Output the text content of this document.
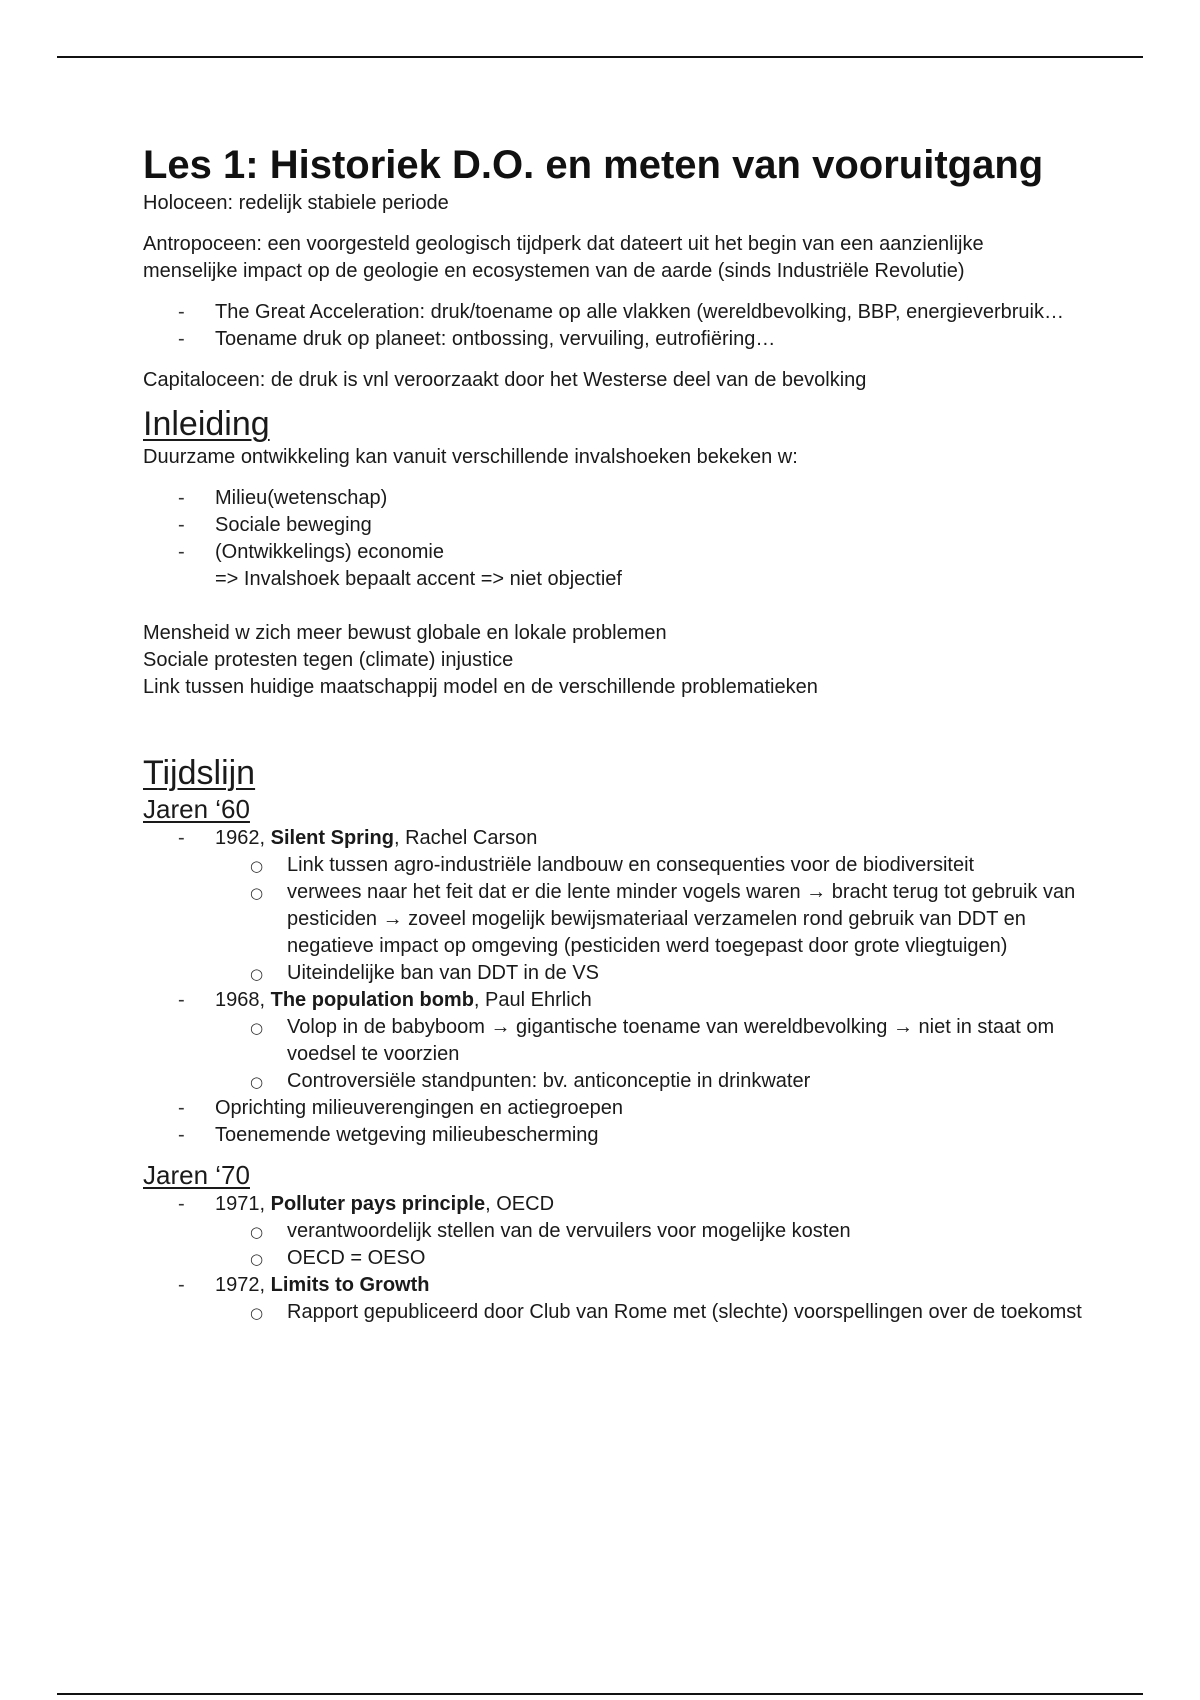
Les 1: Historiek D.O. en meten van vooruitgang

Holoceen: redelijk stabiele periode

Antropoceen: een voorgesteld geologisch tijdperk dat dateert uit het begin van een aanzienlijke menselijke impact op de geologie en ecosystemen van de aarde (sinds Industriële Revolutie)

- The Great Acceleration: druk/toename op alle vlakken (wereldbevolking, BBP, energieverbruik…
- Toename druk op planeet: ontbossing, vervuiling, eutrofiëring…

Capitaloceen: de druk is vnl veroorzaakt door het Westerse deel van de bevolking

Inleiding

Duurzame ontwikkeling kan vanuit verschillende invalshoeken bekeken w:

- Milieu(wetenschap)
- Sociale beweging
- (Ontwikkelings) economie
=> Invalshoek bepaalt accent => niet objectief

Mensheid w zich meer bewust globale en lokale problemen

Sociale protesten tegen (climate) injustice

Link tussen huidige maatschappij model en de verschillende problematieken

Tijdslijn
Jaren ‘60
- 1962, Silent Spring, Rachel Carson
○ Link tussen agro-industriële landbouw en consequenties voor de biodiversiteit
○ verwees naar het feit dat er die lente minder vogels waren → bracht terug tot gebruik van pesticiden → zoveel mogelijk bewijsmateriaal verzamelen rond gebruik van DDT en negatieve impact op omgeving (pesticiden werd toegepast door grote vliegtuigen)
○ Uiteindelijke ban van DDT in de VS
- 1968, The population bomb, Paul Ehrlich
○ Volop in de babyboom → gigantische toename van wereldbevolking → niet in staat om voedsel te voorzien
○ Controversiële standpunten: bv. anticonceptie in drinkwater
- Oprichting milieuverengingen en actiegroepen
- Toenemende wetgeving milieubescherming
Jaren ‘70
- 1971, Polluter pays principle, OECD
○ verantwoordelijk stellen van de vervuilers voor mogelijke kosten
○ OECD = OESO
- 1972, Limits to Growth
○ Rapport gepubliceerd door Club van Rome met (slechte) voorspellingen over de toekomst
